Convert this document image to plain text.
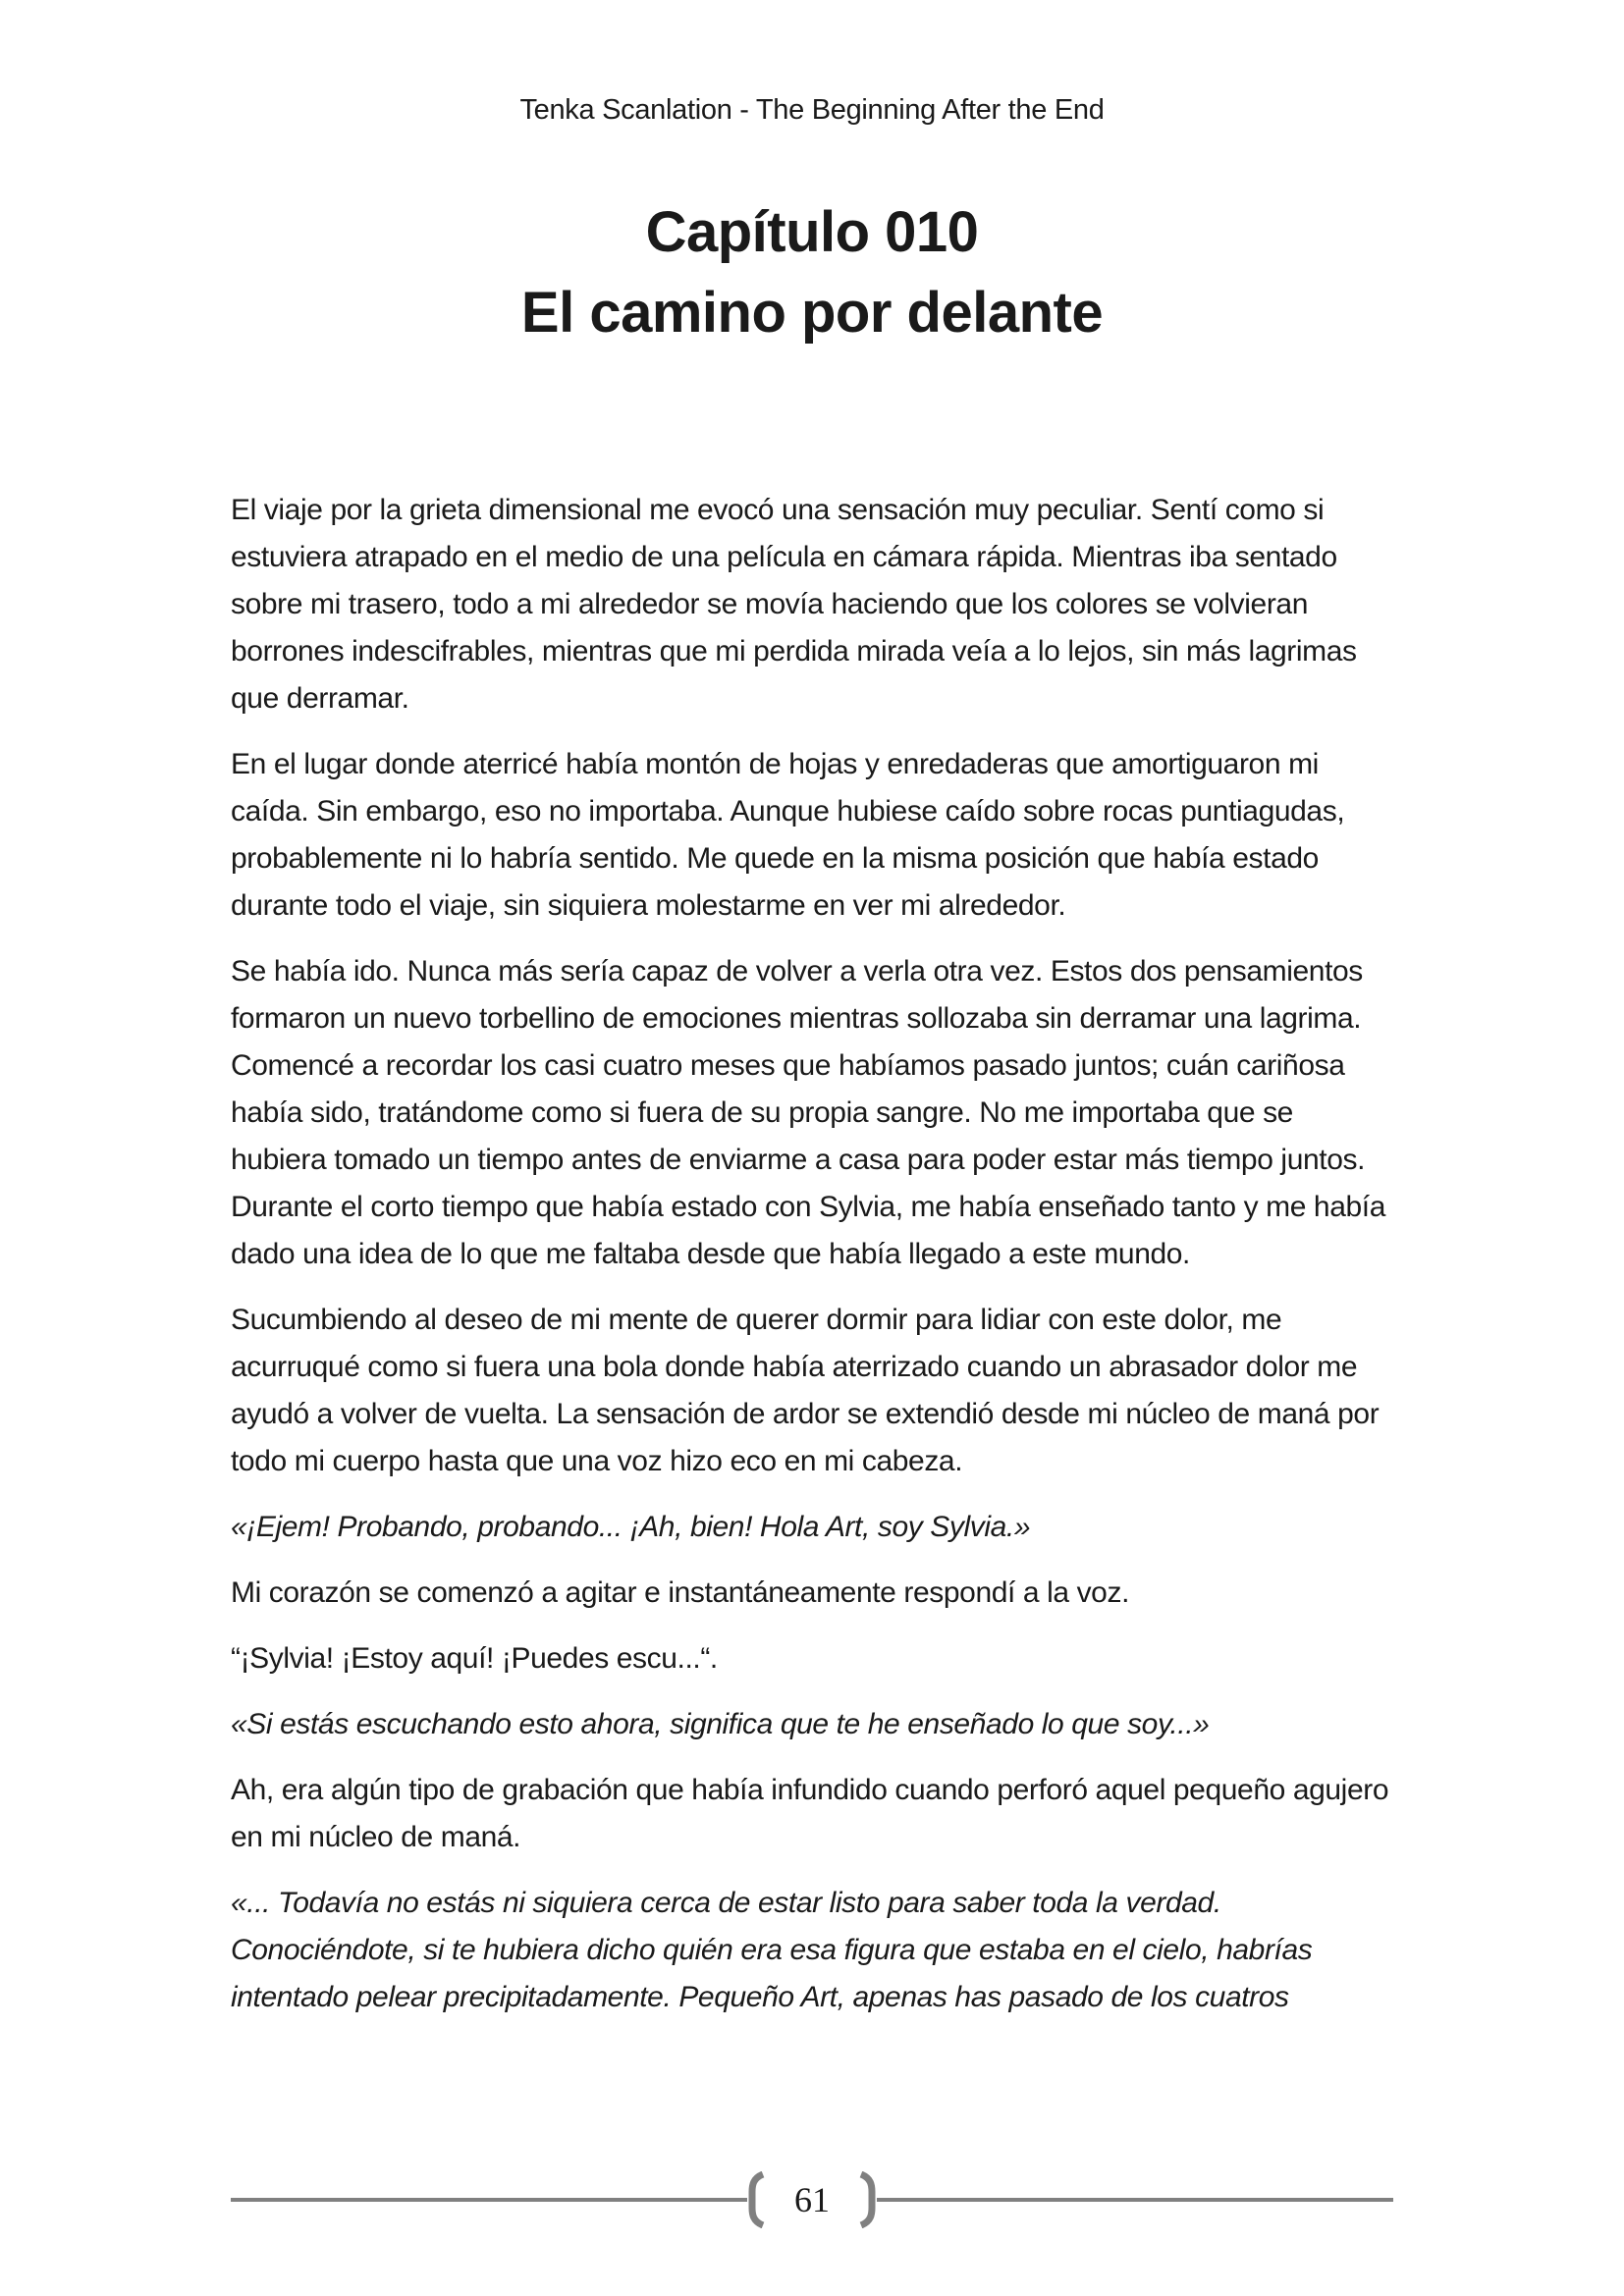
Tenka Scanlation - The Beginning After the End
Capítulo 010
El camino por delante

El viaje por la grieta dimensional me evocó una sensación muy peculiar. Sentí como si estuviera atrapado en el medio de una película en cámara rápida. Mientras iba sentado sobre mi trasero, todo a mi alrededor se movía haciendo que los colores se volvieran borrones indescifrables, mientras que mi perdida mirada veía a lo lejos, sin más lagrimas que derramar.

En el lugar donde aterricé había montón de hojas y enredaderas que amortiguaron mi caída. Sin embargo, eso no importaba. Aunque hubiese caído sobre rocas puntiagudas, probablemente ni lo habría sentido. Me quede en la misma posición que había estado durante todo el viaje, sin siquiera molestarme en ver mi alrededor.

Se había ido. Nunca más sería capaz de volver a verla otra vez. Estos dos pensamientos formaron un nuevo torbellino de emociones mientras sollozaba sin derramar una lagrima. Comencé a recordar los casi cuatro meses que habíamos pasado juntos; cuán cariñosa había sido, tratándome como si fuera de su propia sangre. No me importaba que se hubiera tomado un tiempo antes de enviarme a casa para poder estar más tiempo juntos. Durante el corto tiempo que había estado con Sylvia, me había enseñado tanto y me había dado una idea de lo que me faltaba desde que había llegado a este mundo.

Sucumbiendo al deseo de mi mente de querer dormir para lidiar con este dolor, me acurruqué como si fuera una bola donde había aterrizado cuando un abrasador dolor me ayudó a volver de vuelta. La sensación de ardor se extendió desde mi núcleo de maná por todo mi cuerpo hasta que una voz hizo eco en mi cabeza.

«¡Ejem! Probando, probando... ¡Ah, bien! Hola Art, soy Sylvia.»

Mi corazón se comenzó a agitar e instantáneamente respondí a la voz.

“¡Sylvia! ¡Estoy aquí! ¡Puedes escu...“.

«Si estás escuchando esto ahora, significa que te he enseñado lo que soy...»

Ah, era algún tipo de grabación que había infundido cuando perforó aquel pequeño agujero en mi núcleo de maná.

«... Todavía no estás ni siquiera cerca de estar listo para saber toda la verdad. Conociéndote, si te hubiera dicho quién era esa figura que estaba en el cielo, habrías intentado pelear precipitadamente. Pequeño Art, apenas has pasado de los cuatros

61
